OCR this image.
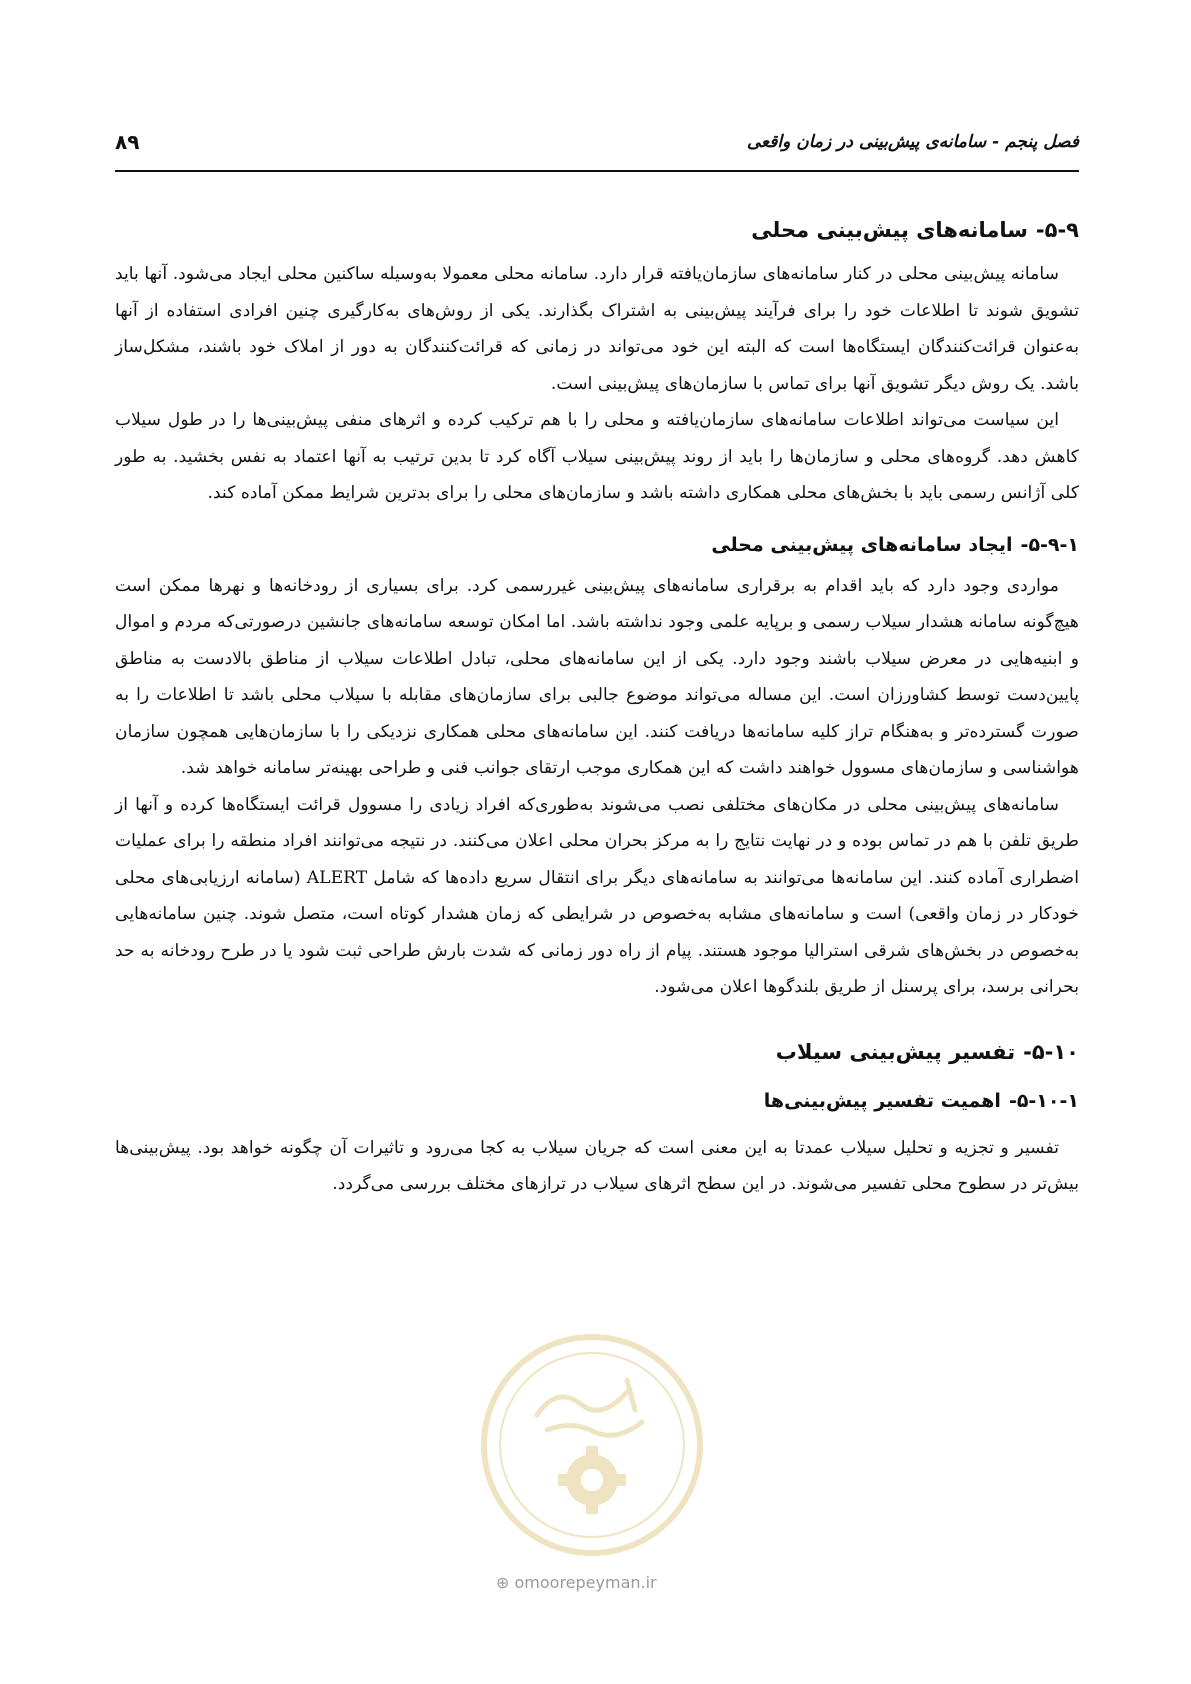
فصل پنجم - سامانه‌ی پیش‌بینی در زمان واقعی
۸۹
۵-۹-سامانه‌های پیش‌بینی محلی

سامانه پیش‌بینی محلی در کنار سامانه‌های سازمان‌یافته قرار دارد. سامانه محلی معمولا به‌وسیله ساکنین محلی ایجاد می‌شود. آنها باید تشویق شوند تا اطلاعات خود را برای فرآیند پیش‌بینی به اشتراک بگذارند. یکی از روش‌های به‌کارگیری چنین افرادی استفاده از آنها به‌عنوان قرائت‌کنندگان ایستگاه‌ها است که البته این خود می‌تواند در زمانی که قرائت‌کنندگان به دور از املاک خود باشند، مشکل‌ساز باشد. یک روش دیگر تشویق آنها برای تماس با سازمان‌های پیش‌بینی است.

این سیاست می‌تواند اطلاعات سامانه‌های سازمان‌یافته و محلی را با هم ترکیب کرده و اثرهای منفی پیش‌بینی‌ها را در طول سیلاب کاهش دهد. گروه‌های محلی و سازمان‌ها را باید از روند پیش‌بینی سیلاب آگاه کرد تا بدین ترتیب به آنها اعتماد به نفس بخشید. به طور کلی آژانس رسمی باید با بخش‌های محلی همکاری داشته باشد و سازمان‌های محلی را برای بدترین شرایط ممکن آماده کند.

۵-۹-۱-ایجاد سامانه‌های پیش‌بینی محلی

مواردی وجود دارد که باید اقدام به برقراری سامانه‌های پیش‌بینی غیررسمی کرد. برای بسیاری از رودخانه‌ها و نهرها ممکن است هیچ‌گونه سامانه هشدار سیلاب رسمی و برپایه علمی وجود نداشته باشد. اما امکان توسعه سامانه‌های جانشین درصورتی‌که مردم و اموال و ابنیه‌هایی در معرض سیلاب باشند وجود دارد. یکی از این سامانه‌های محلی، تبادل اطلاعات سیلاب از مناطق بالادست به مناطق پایین‌دست توسط کشاورزان است. این مساله می‌تواند موضوع جالبی برای سازمان‌های مقابله با سیلاب محلی باشد تا اطلاعات را به صورت گسترده‌تر و به‌هنگام تراز کلیه سامانه‌ها دریافت کنند. این سامانه‌های محلی همکاری نزدیکی را با سازمان‌هایی همچون سازمان هواشناسی و سازمان‌های مسوول خواهند داشت که این همکاری موجب ارتقای جوانب فنی و طراحی بهینه‌تر سامانه خواهد شد.

سامانه‌های پیش‌بینی محلی در مکان‌های مختلفی نصب می‌شوند به‌طوری‌که افراد زیادی را مسوول قرائت ایستگاه‌ها کرده و آنها از طریق تلفن با هم در تماس بوده و در نهایت نتایج را به مرکز بحران محلی اعلان می‌کنند. در نتیجه می‌توانند افراد منطقه را برای عملیات اضطراری آماده کنند. این سامانه‌ها می‌توانند به سامانه‌های دیگر برای انتقال سریع داده‌ها که شامل ALERT (سامانه ارزیابی‌های محلی خودکار در زمان واقعی) است و سامانه‌های مشابه به‌خصوص در شرایطی که زمان هشدار کوتاه است، متصل شوند. چنین سامانه‌هایی به‌خصوص در بخش‌های شرقی استرالیا موجود هستند. پیام از راه دور زمانی که شدت بارش طراحی ثبت شود یا در طرح رودخانه به حد بحرانی برسد، برای پرسنل از طریق بلندگوها اعلان می‌شود.

۵-۱۰-تفسیر پیش‌بینی سیلاب
۵-۱۰-۱-اهمیت تفسیر پیش‌بینی‌ها

تفسیر و تجزیه و تحلیل سیلاب عمدتا به این معنی است که جریان سیلاب به کجا می‌رود و تاثیرات آن چگونه خواهد بود. پیش‌بینی‌ها بیش‌تر در سطوح محلی تفسیر می‌شوند. در این سطح اثرهای سیلاب در ترازهای مختلف بررسی می‌گردد.

⊕ omoorepeyman.ir
